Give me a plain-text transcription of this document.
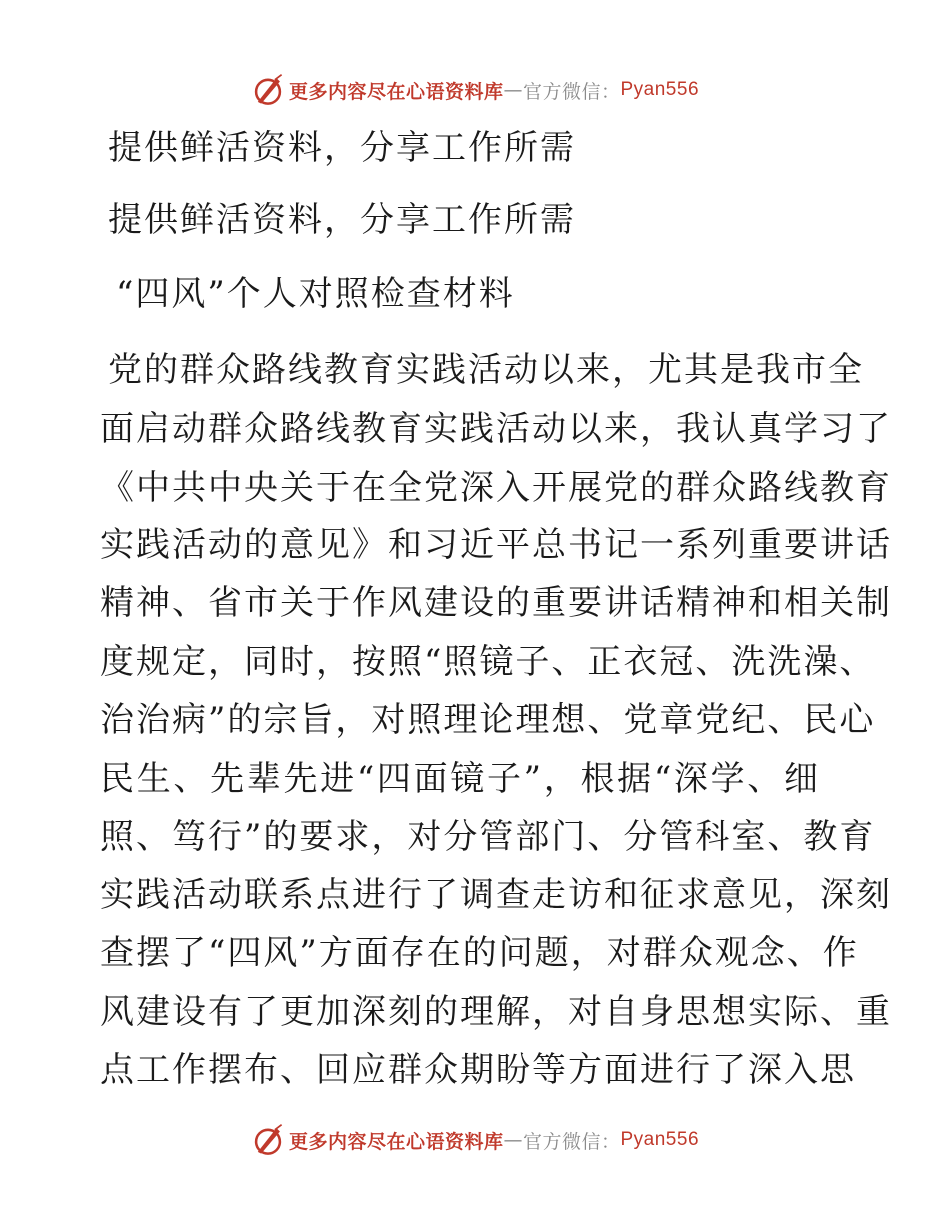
更多内容尽在心语资料库 — 官方微信： Pyan556
提供鲜活资料，分享工作所需
提供鲜活资料，分享工作所需
“四风”个人对照检查材料
党的群众路线教育实践活动以来，尤其是我市全
面启动群众路线教育实践活动以来，我认真学习了
《中共中央关于在全党深入开展党的群众路线教育
实践活动的意见》和习近平总书记一系列重要讲话
精神、省市关于作风建设的重要讲话精神和相关制
度规定，同时，按照“照镜子、正衣冠、洗洗澡、
治治病”的宗旨，对照理论理想、党章党纪、民心
民生、先辈先进“四面镜子”，根据“深学、细
照、笃行”的要求，对分管部门、分管科室、教育
实践活动联系点进行了调查走访和征求意见，深刻
查摆了“四风”方面存在的问题，对群众观念、作
风建设有了更加深刻的理解，对自身思想实际、重
点工作摆布、回应群众期盼等方面进行了深入思
更多内容尽在心语资料库 — 官方微信： Pyan556
